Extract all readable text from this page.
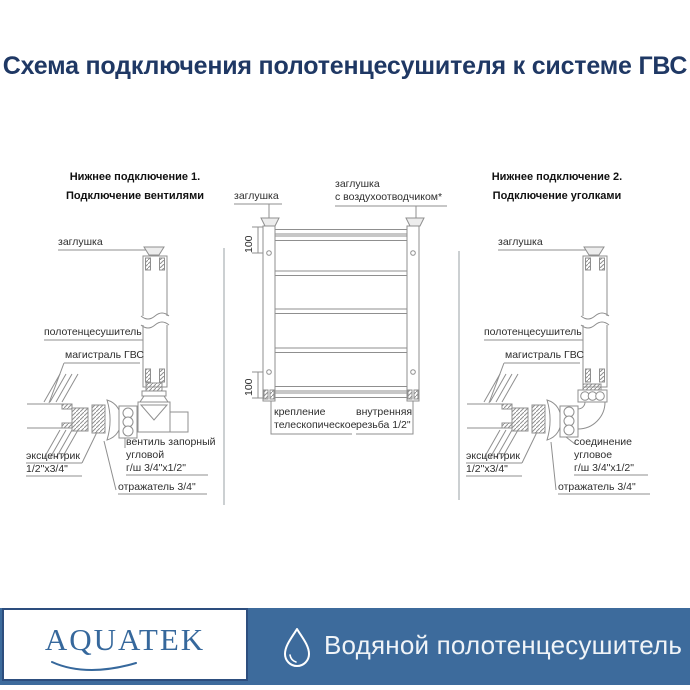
Схема подключения полотенцесушителя к системе ГВС
Нижнее подключение 1.
Подключение вентилями
заглушка
полотенцесушитель
магистраль ГВС
эксцентрик
1/2"х3/4"
вентиль запорный
угловой
г/ш 3/4"х1/2"
отражатель 3/4"
заглушка
заглушка
с воздухоотводчиком*
100
100
крепление
телескопическое
внутренняя
резьба 1/2"
Нижнее подключение 2.
Подключение уголками
заглушка
полотенцесушитель
магистраль ГВС
эксцентрик
1/2"х3/4"
соединение
угловое
г/ш 3/4"х1/2"
отражатель 3/4"
AQUATEK	Водяной полотенцесушитель
